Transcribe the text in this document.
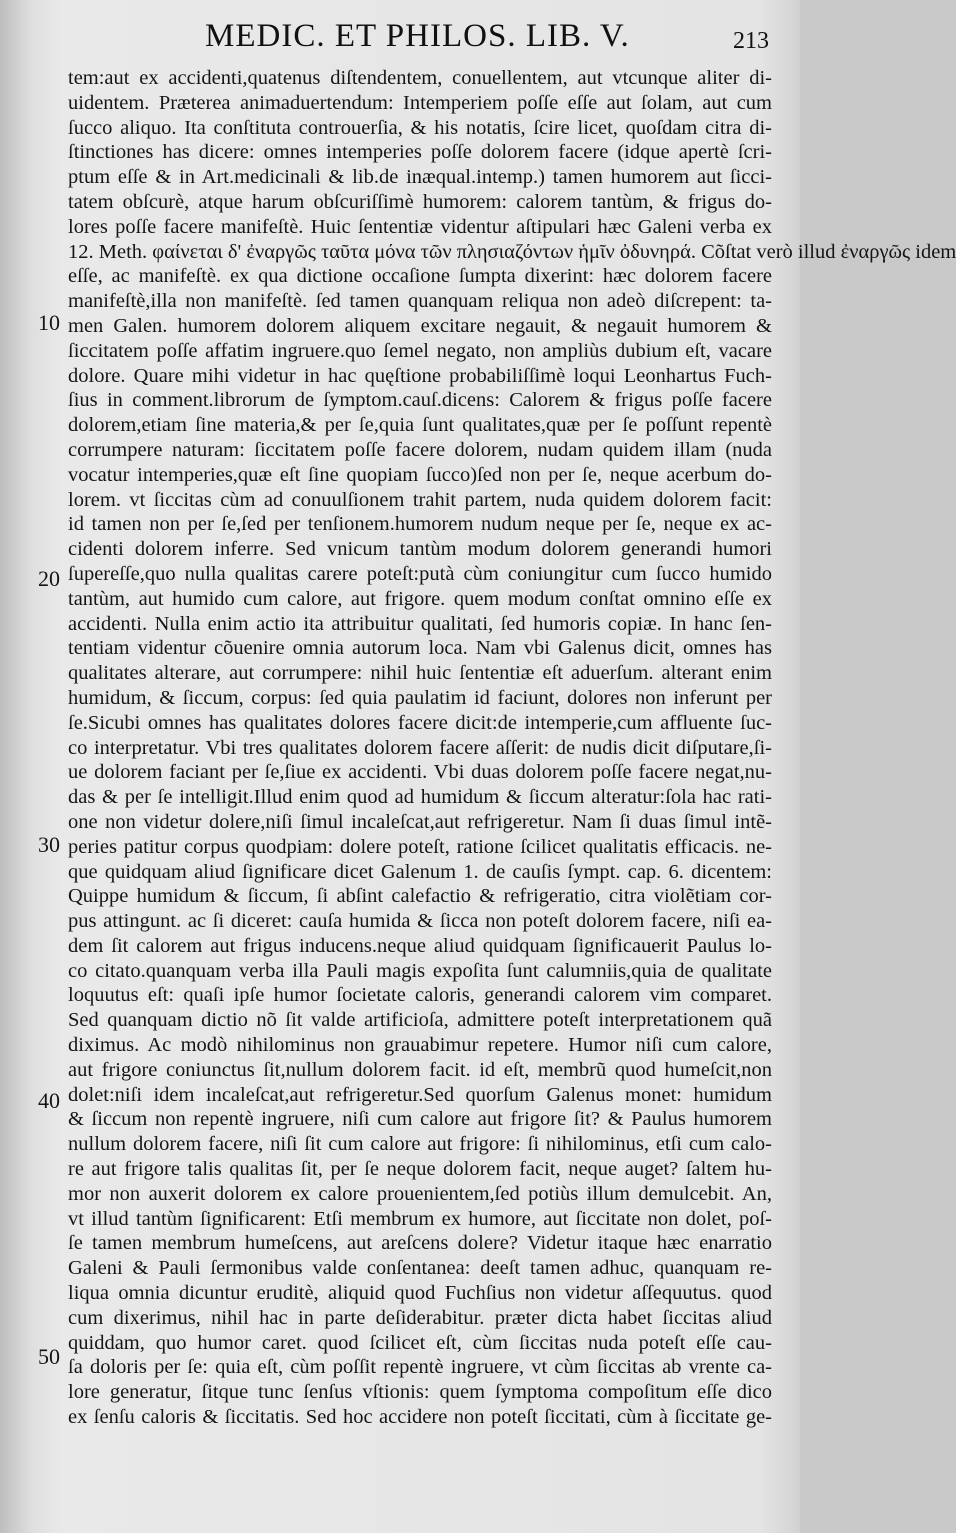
MEDIC. ET PHILOS. LIB. V.	213
10
20
30
40
50
tem:aut ex accidenti,quatenus diſtendentem, conuellentem, aut vtcunque aliter di-
uidentem. Præterea animaduertendum: Intemperiem poſſe eſſe aut ſolam, aut cum
ſucco aliquo. Ita conſtituta controuerſia, & his notatis, ſcire licet, quoſdam citra di-
ſtinctiones has dicere: omnes intemperies poſſe dolorem facere (idque apertè ſcri-
ptum eſſe & in Art.medicinali & lib.de inæqual.intemp.) tamen humorem aut ſicci-
tatem obſcurè, atque harum obſcuriſſimè humorem: calorem tantùm, & frigus do-
lores poſſe facere manifeſtè. Huic ſententiæ videntur aſtipulari hæc Galeni verba ex
12. Meth. φαίνεται δ' ἐναργῶς ταῦτα μόνα τῶν πλησιαζόντων ἡμῖν ὀδυνηρά. Cõſtat verò illud ἐναργῶς idem
eſſe, ac manifeſtè. ex qua dictione occaſione ſumpta dixerint: hæc dolorem facere
manifeſtè,illa non manifeſtè. ſed tamen quanquam reliqua non adeò diſcrepent: ta-
men Galen. humorem dolorem aliquem excitare negauit, & negauit humorem &
ſiccitatem poſſe affatim ingruere.quo ſemel negato, non ampliùs dubium eſt, vacare
dolore. Quare mihi videtur in hac quęſtione probabiliſſimè loqui Leonhartus Fuch-
ſius in comment.librorum de ſymptom.cauſ.dicens: Calorem & frigus poſſe facere
dolorem,etiam ſine materia,& per ſe,quia ſunt qualitates,quæ per ſe poſſunt repentè
corrumpere naturam: ſiccitatem poſſe facere dolorem, nudam quidem illam (nuda
vocatur intemperies,quæ eſt ſine quopiam ſucco)ſed non per ſe, neque acerbum do-
lorem. vt ſiccitas cùm ad conuulſionem trahit partem, nuda quidem dolorem facit:
id tamen non per ſe,ſed per tenſionem.humorem nudum neque per ſe, neque ex ac-
cidenti dolorem inferre. Sed vnicum tantùm modum dolorem generandi humori
ſupereſſe,quo nulla qualitas carere poteſt:putà cùm coniungitur cum ſucco humido
tantùm, aut humido cum calore, aut frigore. quem modum conſtat omnino eſſe ex
accidenti. Nulla enim actio ita attribuitur qualitati, ſed humoris copiæ. In hanc ſen-
tentiam videntur cõuenire omnia autorum loca. Nam vbi Galenus dicit, omnes has
qualitates alterare, aut corrumpere: nihil huic ſententiæ eſt aduerſum. alterant enim
humidum, & ſiccum, corpus: ſed quia paulatim id faciunt, dolores non inferunt per
ſe.Sicubi omnes has qualitates dolores facere dicit:de intemperie,cum affluente ſuc-
co interpretatur. Vbi tres qualitates dolorem facere aſſerit: de nudis dicit diſputare,ſi-
ue dolorem faciant per ſe,ſiue ex accidenti. Vbi duas dolorem poſſe facere negat,nu-
das & per ſe intelligit.Illud enim quod ad humidum & ſiccum alteratur:ſola hac rati-
one non videtur dolere,niſi ſimul incaleſcat,aut refrigeretur. Nam ſi duas ſimul intẽ-
peries patitur corpus quodpiam: dolere poteſt, ratione ſcilicet qualitatis efficacis. ne-
que quidquam aliud ſignificare dicet Galenum 1. de cauſis ſympt. cap. 6. dicentem:
Quippe humidum & ſiccum, ſi abſint calefactio & refrigeratio, citra violẽtiam cor-
pus attingunt. ac ſi diceret: cauſa humida & ſicca non poteſt dolorem facere, niſi ea-
dem ſit calorem aut frigus inducens.neque aliud quidquam ſignificauerit Paulus lo-
co citato.quanquam verba illa Pauli magis expoſita ſunt calumniis,quia de qualitate
loquutus eſt: quaſi ipſe humor ſocietate caloris, generandi calorem vim comparet.
Sed quanquam dictio nõ ſit valde artificioſa, admittere poteſt interpretationem quã
diximus. Ac modò nihilominus non grauabimur repetere. Humor niſi cum calore,
aut frigore coniunctus ſit,nullum dolorem facit. id eſt, membrũ quod humeſcit,non
dolet:niſi idem incaleſcat,aut refrigeretur.Sed quorſum Galenus monet: humidum
& ſiccum non repentè ingruere, niſi cum calore aut frigore ſit? & Paulus humorem
nullum dolorem facere, niſi ſit cum calore aut frigore: ſi nihilominus, etſi cum calo-
re aut frigore talis qualitas ſit, per ſe neque dolorem facit, neque auget? ſaltem hu-
mor non auxerit dolorem ex calore prouenientem,ſed potiùs illum demulcebit. An,
vt illud tantùm ſignificarent: Etſi membrum ex humore, aut ſiccitate non dolet, poſ-
ſe tamen membrum humeſcens, aut areſcens dolere? Videtur itaque hæc enarratio
Galeni & Pauli ſermonibus valde conſentanea: deeſt tamen adhuc, quanquam re-
liqua omnia dicuntur eruditè, aliquid quod Fuchſius non videtur aſſequutus. quod
cum dixerimus, nihil hac in parte deſiderabitur. præter dicta habet ſiccitas aliud
quiddam, quo humor caret. quod ſcilicet eſt, cùm ſiccitas nuda poteſt eſſe cau-
ſa doloris per ſe: quia eſt, cùm poſſit repentè ingruere, vt cùm ſiccitas ab vrente ca-
lore generatur, ſitque tunc ſenſus vſtionis: quem ſymptoma compoſitum eſſe dico
ex ſenſu caloris & ſiccitatis. Sed hoc accidere non poteſt ſiccitati, cùm à ſiccitate ge-
